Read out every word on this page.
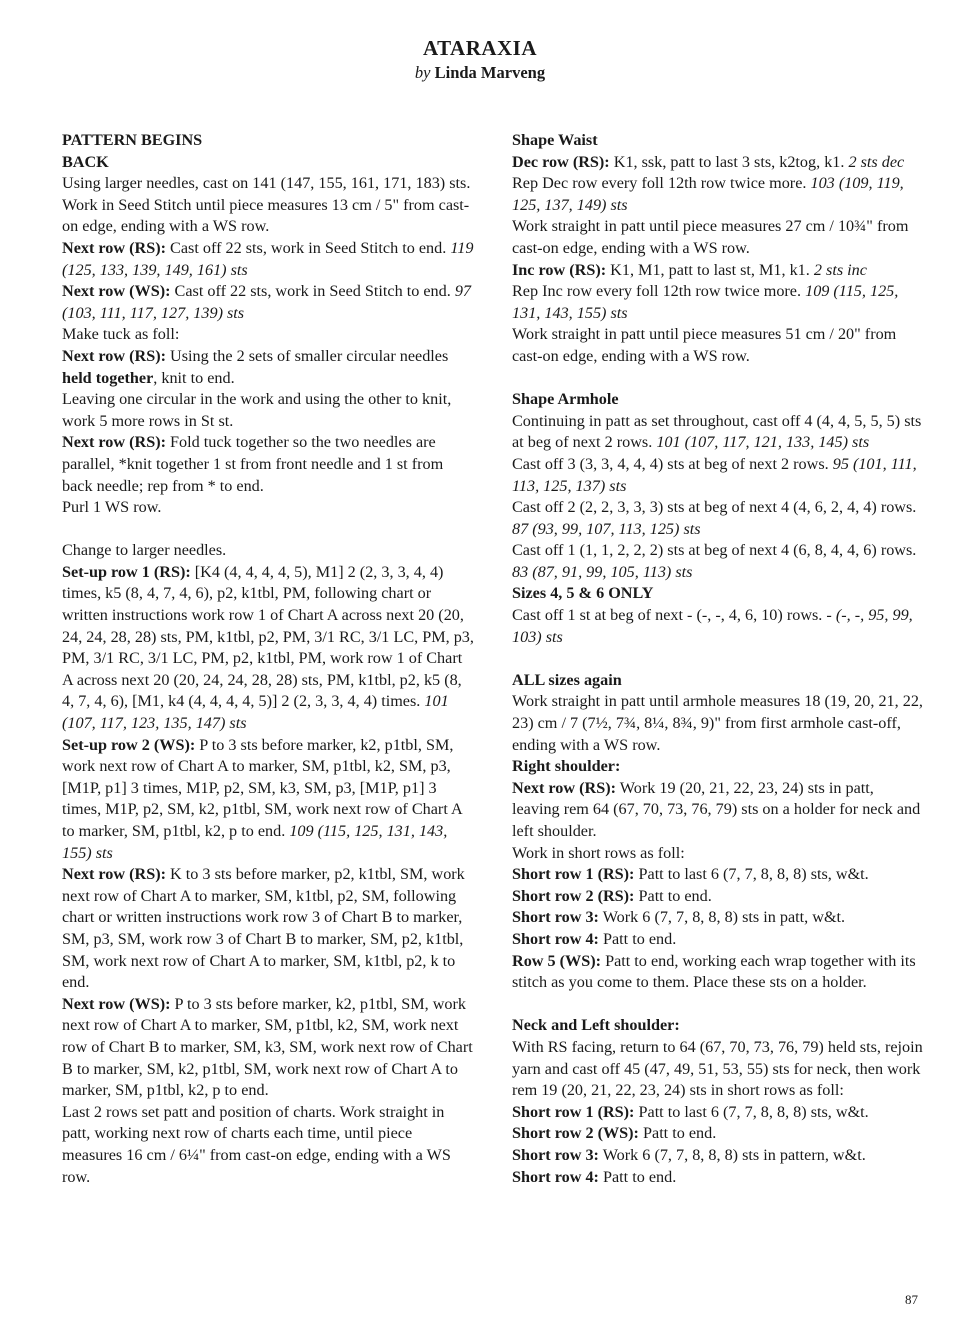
ATARAXIA
by Linda Marveng
PATTERN BEGINS
BACK
Using larger needles, cast on 141 (147, 155, 161, 171, 183) sts.
Work in Seed Stitch until piece measures 13 cm / 5" from cast-on edge, ending with a WS row.
Next row (RS): Cast off 22 sts, work in Seed Stitch to end. 119 (125, 133, 139, 149, 161) sts
Next row (WS): Cast off 22 sts, work in Seed Stitch to end. 97 (103, 111, 117, 127, 139) sts
Make tuck as foll:
Next row (RS): Using the 2 sets of smaller circular needles held together, knit to end.
Leaving one circular in the work and using the other to knit, work 5 more rows in St st.
Next row (RS): Fold tuck together so the two needles are parallel, *knit together 1 st from front needle and 1 st from back needle; rep from * to end.
Purl 1 WS row.
Change to larger needles.
Set-up row 1 (RS): [K4 (4, 4, 4, 4, 5), M1] 2 (2, 3, 3, 4, 4) times, k5 (8, 4, 7, 4, 6), p2, k1tbl, PM, following chart or written instructions work row 1 of Chart A across next 20 (20, 24, 24, 28, 28) sts, PM, k1tbl, p2, PM, 3/1 RC, 3/1 LC, PM, p3, PM, 3/1 RC, 3/1 LC, PM, p2, k1tbl, PM, work row 1 of Chart A across next 20 (20, 24, 24, 28, 28) sts, PM, k1tbl, p2, k5 (8, 4, 7, 4, 6), [M1, k4 (4, 4, 4, 4, 5)] 2 (2, 3, 3, 4, 4) times. 101 (107, 117, 123, 135, 147) sts
Set-up row 2 (WS): P to 3 sts before marker, k2, p1tbl, SM, work next row of Chart A to marker, SM, p1tbl, k2, SM, p3, [M1P, p1] 3 times, M1P, p2, SM, k3, SM, p3, [M1P, p1] 3 times, M1P, p2, SM, k2, p1tbl, SM, work next row of Chart A to marker, SM, p1tbl, k2, p to end. 109 (115, 125, 131, 143, 155) sts
Next row (RS): K to 3 sts before marker, p2, k1tbl, SM, work next row of Chart A to marker, SM, k1tbl, p2, SM, following chart or written instructions work row 3 of Chart B to marker, SM, p3, SM, work row 3 of Chart B to marker, SM, p2, k1tbl, SM, work next row of Chart A to marker, SM, k1tbl, p2, k to end.
Next row (WS): P to 3 sts before marker, k2, p1tbl, SM, work next row of Chart A to marker, SM, p1tbl, k2, SM, work next row of Chart B to marker, SM, k3, SM, work next row of Chart B to marker, SM, k2, p1tbl, SM, work next row of Chart A to marker, SM, p1tbl, k2, p to end.
Last 2 rows set patt and position of charts. Work straight in patt, working next row of charts each time, until piece measures 16 cm / 6¼" from cast-on edge, ending with a WS row.
Shape Waist
Dec row (RS): K1, ssk, patt to last 3 sts, k2tog, k1. 2 sts dec
Rep Dec row every foll 12th row twice more. 103 (109, 119, 125, 137, 149) sts
Work straight in patt until piece measures 27 cm / 10¾" from cast-on edge, ending with a WS row.
Inc row (RS): K1, M1, patt to last st, M1, k1. 2 sts inc
Rep Inc row every foll 12th row twice more. 109 (115, 125, 131, 143, 155) sts
Work straight in patt until piece measures 51 cm / 20" from cast-on edge, ending with a WS row.
Shape Armhole
Continuing in patt as set throughout, cast off 4 (4, 4, 5, 5, 5) sts at beg of next 2 rows. 101 (107, 117, 121, 133, 145) sts
Cast off 3 (3, 3, 4, 4, 4) sts at beg of next 2 rows. 95 (101, 111, 113, 125, 137) sts
Cast off 2 (2, 2, 3, 3, 3) sts at beg of next 4 (4, 6, 2, 4, 4) rows. 87 (93, 99, 107, 113, 125) sts
Cast off 1 (1, 1, 2, 2, 2) sts at beg of next 4 (6, 8, 4, 4, 6) rows. 83 (87, 91, 99, 105, 113) sts
Sizes 4, 5 & 6 ONLY
Cast off 1 st at beg of next - (-, -, 4, 6, 10) rows. - (-, -, 95, 99, 103) sts
ALL sizes again
Work straight in patt until armhole measures 18 (19, 20, 21, 22, 23) cm / 7 (7½, 7¾, 8¼, 8¾, 9)" from first armhole cast-off, ending with a WS row.
Right shoulder:
Next row (RS): Work 19 (20, 21, 22, 23, 24) sts in patt, leaving rem 64 (67, 70, 73, 76, 79) sts on a holder for neck and left shoulder.
Work in short rows as foll:
Short row 1 (RS): Patt to last 6 (7, 7, 8, 8, 8) sts, w&t.
Short row 2 (RS): Patt to end.
Short row 3: Work 6 (7, 7, 8, 8, 8) sts in patt, w&t.
Short row 4: Patt to end.
Row 5 (WS): Patt to end, working each wrap together with its stitch as you come to them. Place these sts on a holder.
Neck and Left shoulder:
With RS facing, return to 64 (67, 70, 73, 76, 79) held sts, rejoin yarn and cast off 45 (47, 49, 51, 53, 55) sts for neck, then work rem 19 (20, 21, 22, 23, 24) sts in short rows as foll:
Short row 1 (RS): Patt to last 6 (7, 7, 8, 8, 8) sts, w&t.
Short row 2 (WS): Patt to end.
Short row 3: Work 6 (7, 7, 8, 8, 8) sts in pattern, w&t.
Short row 4: Patt to end.
87
